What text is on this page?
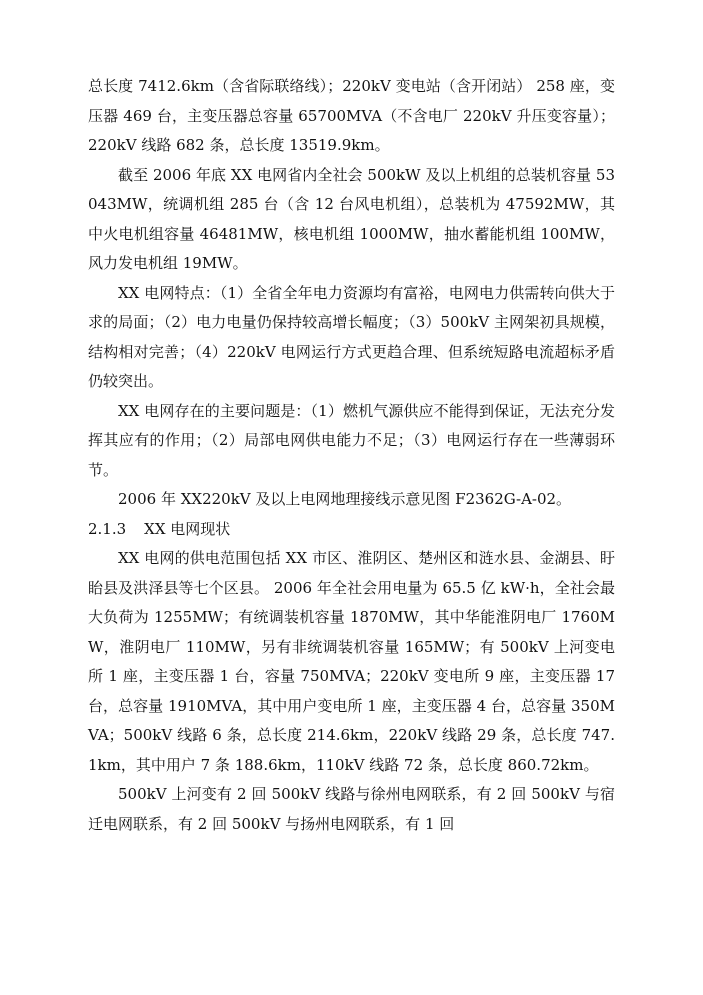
总长度 7412.6km（含省际联络线）；220kV 变电站（含开闭站） 258 座，变压器 469 台，主变压器总容量 65700MVA（不含电厂 220kV 升压变容量）；220kV 线路 682 条，总长度 13519.9km。

截至 2006 年底 XX 电网省内全社会 500kW 及以上机组的总装机容量 53043MW，统调机组 285 台（含 12 台风电机组），总装机为 47592MW，其中火电机组容量 46481MW，核电机组 1000MW，抽水蓄能机组 100MW，风力发电机组 19MW。

XX 电网特点：（1）全省全年电力资源均有富裕，电网电力供需转向供大于求的局面；（2）电力电量仍保持较高增长幅度；（3）500kV 主网架初具规模，结构相对完善；（4）220kV 电网运行方式更趋合理、但系统短路电流超标矛盾仍较突出。

XX 电网存在的主要问题是：（1）燃机气源供应不能得到保证，无法充分发挥其应有的作用；（2）局部电网供电能力不足；（3）电网运行存在一些薄弱环节。

2006 年 XX220kV 及以上电网地理接线示意见图 F2362G-A-02。

2.1.3 XX 电网现状

XX 电网的供电范围包括 XX 市区、淮阴区、楚州区和涟水县、金湖县、盱眙县及洪泽县等七个区县。 2006 年全社会用电量为 65.5 亿 kW·h，全社会最大负荷为 1255MW；有统调装机容量 1870MW，其中华能淮阴电厂 1760MW，淮阴电厂 110MW，另有非统调装机容量 165MW；有 500kV 上河变电所 1 座，主变压器 1 台，容量 750MVA；220kV 变电所 9 座，主变压器 17 台，总容量 1910MVA，其中用户变电所 1 座，主变压器 4 台，总容量 350MVA；500kV 线路 6 条，总长度 214.6km，220kV 线路 29 条，总长度 747.1km，其中用户 7 条 188.6km，110kV 线路 72 条，总长度 860.72km。

500kV 上河变有 2 回 500kV 线路与徐州电网联系，有 2 回 500kV 与宿迁电网联系，有 2 回 500kV 与扬州电网联系，有 1 回
